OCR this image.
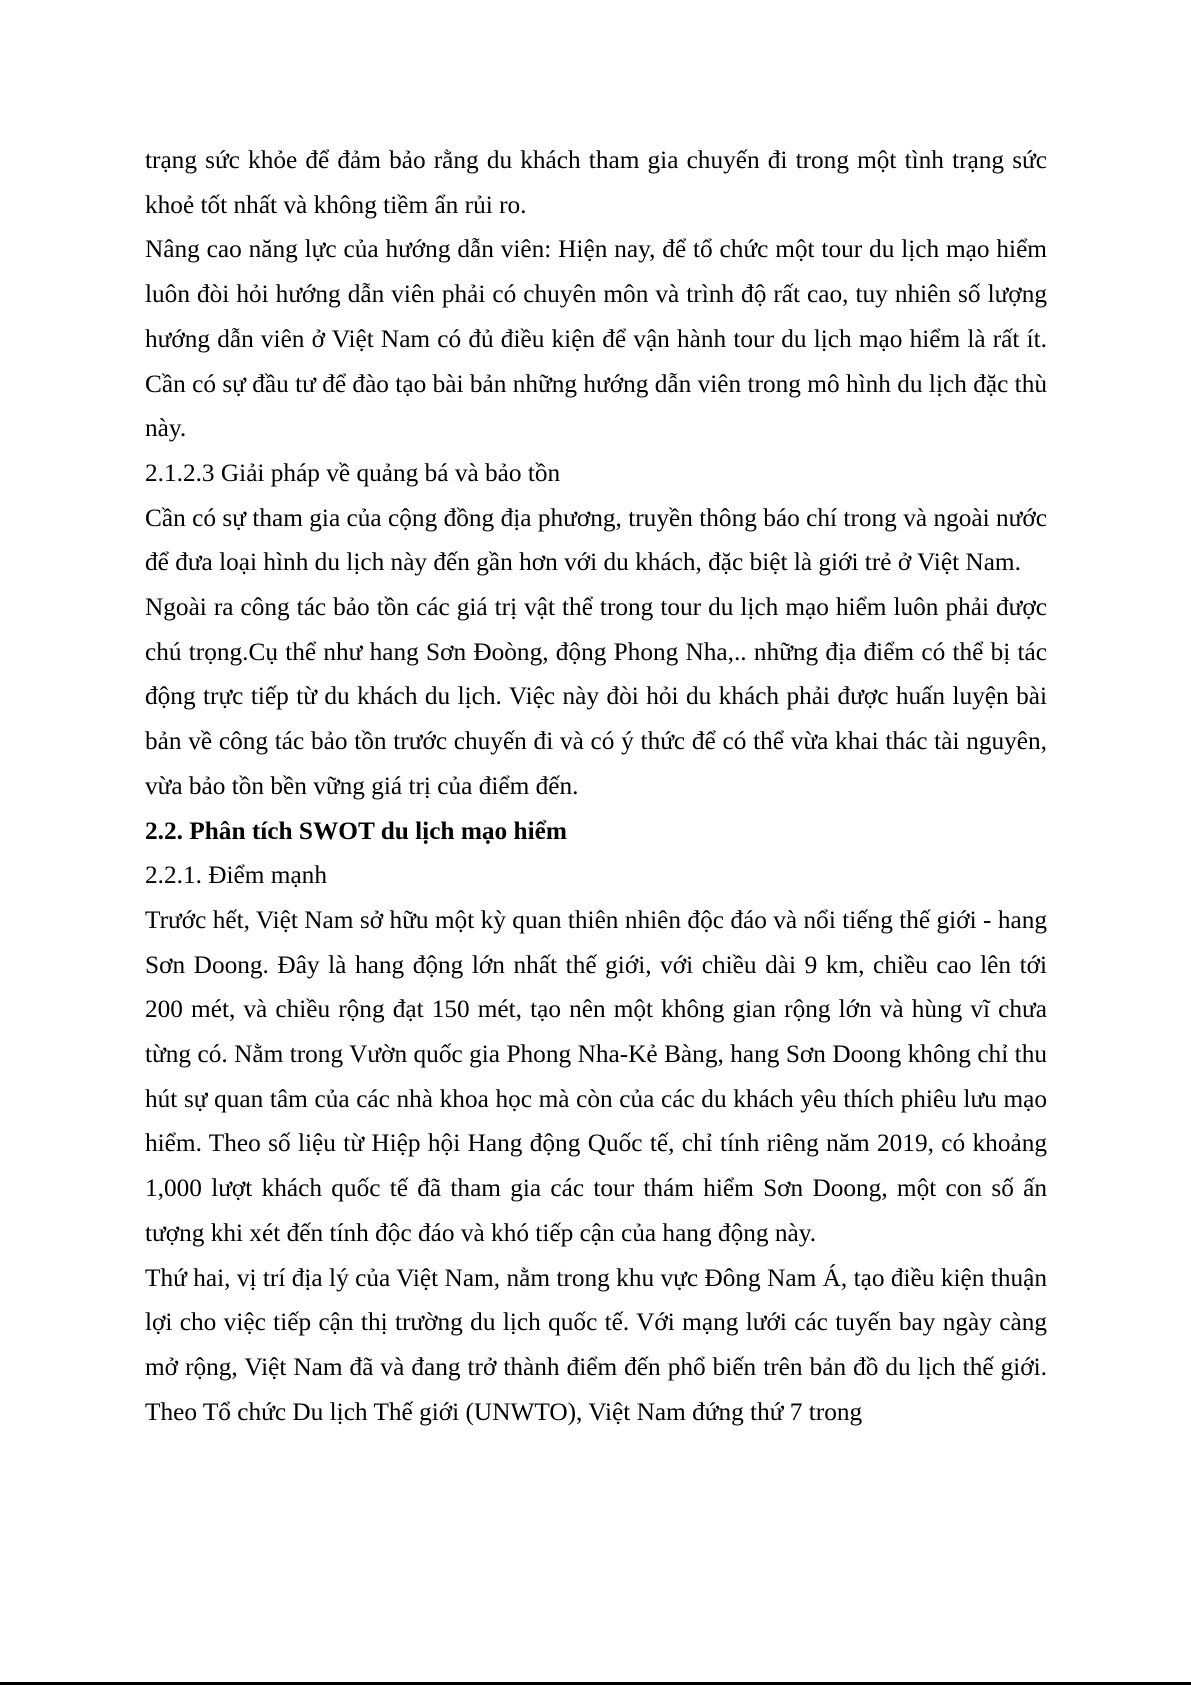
trạng sức khỏe để đảm bảo rằng du khách tham gia chuyến đi trong một tình trạng sức khoẻ tốt nhất và không tiềm ẩn rủi ro.

Nâng cao năng lực của hướng dẫn viên: Hiện nay, để tổ chức một tour du lịch mạo hiểm luôn đòi hỏi hướng dẫn viên phải có chuyên môn và trình độ rất cao, tuy nhiên số lượng hướng dẫn viên ở Việt Nam có đủ điều kiện để vận hành tour du lịch mạo hiểm là rất ít. Cần có sự đầu tư để đào tạo bài bản những hướng dẫn viên trong mô hình du lịch đặc thù này.

2.1.2.3 Giải pháp về quảng bá và bảo tồn

Cần có sự tham gia của cộng đồng địa phương, truyền thông báo chí trong và ngoài nước để đưa loại hình du lịch này đến gần hơn với du khách, đặc biệt là giới trẻ ở Việt Nam.

Ngoài ra công tác bảo tồn các giá trị vật thể trong tour du lịch mạo hiểm luôn phải được chú trọng.Cụ thể như hang Sơn Đoòng, động Phong Nha,.. những địa điểm có thể bị tác động trực tiếp từ du khách du lịch. Việc này đòi hỏi du khách phải được huấn luyện bài bản về công tác bảo tồn trước chuyến đi và có ý thức để có thể vừa khai thác tài nguyên, vừa bảo tồn bền vững giá trị của điểm đến.

2.2. Phân tích SWOT du lịch mạo hiểm

2.2.1. Điểm mạnh

Trước hết, Việt Nam sở hữu một kỳ quan thiên nhiên độc đáo và nổi tiếng thế giới - hang Sơn Doong. Đây là hang động lớn nhất thế giới, với chiều dài 9 km, chiều cao lên tới 200 mét, và chiều rộng đạt 150 mét, tạo nên một không gian rộng lớn và hùng vĩ chưa từng có. Nằm trong Vườn quốc gia Phong Nha-Kẻ Bàng, hang Sơn Doong không chỉ thu hút sự quan tâm của các nhà khoa học mà còn của các du khách yêu thích phiêu lưu mạo hiểm. Theo số liệu từ Hiệp hội Hang động Quốc tế, chỉ tính riêng năm 2019, có khoảng 1,000 lượt khách quốc tế đã tham gia các tour thám hiểm Sơn Doong, một con số ấn tượng khi xét đến tính độc đáo và khó tiếp cận của hang động này.

Thứ hai, vị trí địa lý của Việt Nam, nằm trong khu vực Đông Nam Á, tạo điều kiện thuận lợi cho việc tiếp cận thị trường du lịch quốc tế. Với mạng lưới các tuyến bay ngày càng mở rộng, Việt Nam đã và đang trở thành điểm đến phổ biến trên bản đồ du lịch thế giới. Theo Tổ chức Du lịch Thế giới (UNWTO), Việt Nam đứng thứ 7 trong
